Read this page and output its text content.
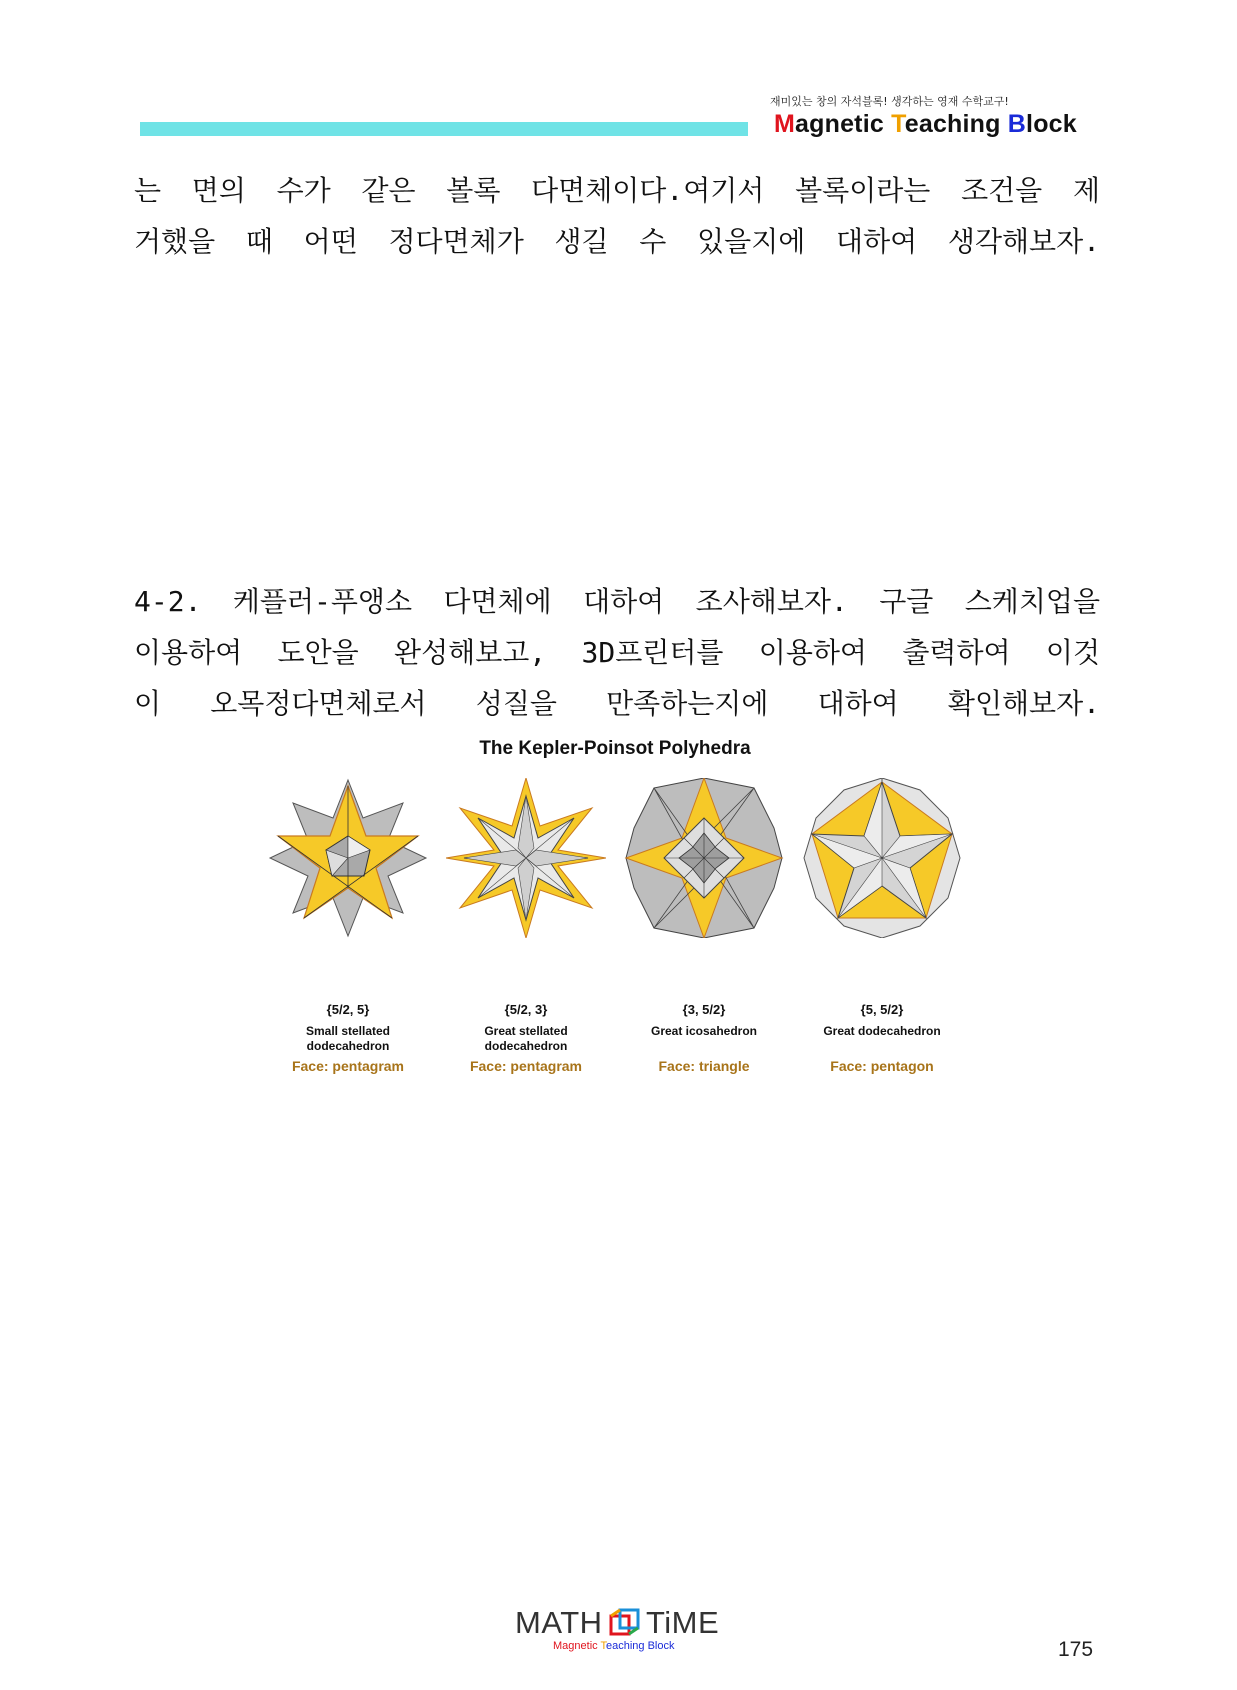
재미있는 창의 자석블록! 생각하는 영재 수학교구!
Magnetic Teaching Block
는 면의 수가 같은 볼록 다면체이다.여기서 볼록이라는 조건을 제
거했을 때 어떤 정다면체가 생길 수 있을지에 대하여 생각해보자.
4-2. 케플러-푸앵소 다면체에 대하여 조사해보자. 구글 스케치업을
이용하여 도안을 완성해보고, 3D프린터를 이용하여 출력하여 이것
이 오목정다면체로서 성질을 만족하는지에 대하여 확인해보자.
The Kepler-Poinsot Polyhedra
{5/2, 5}
Small stellated dodecahedron
Face: pentagram
{5/2, 3}
Great stellated dodecahedron
Face: pentagram
{3, 5/2}
Great icosahedron
Face: triangle
{5, 5/2}
Great dodecahedron
Face: pentagon
MATH TiME
Magnetic Teaching Block	175
